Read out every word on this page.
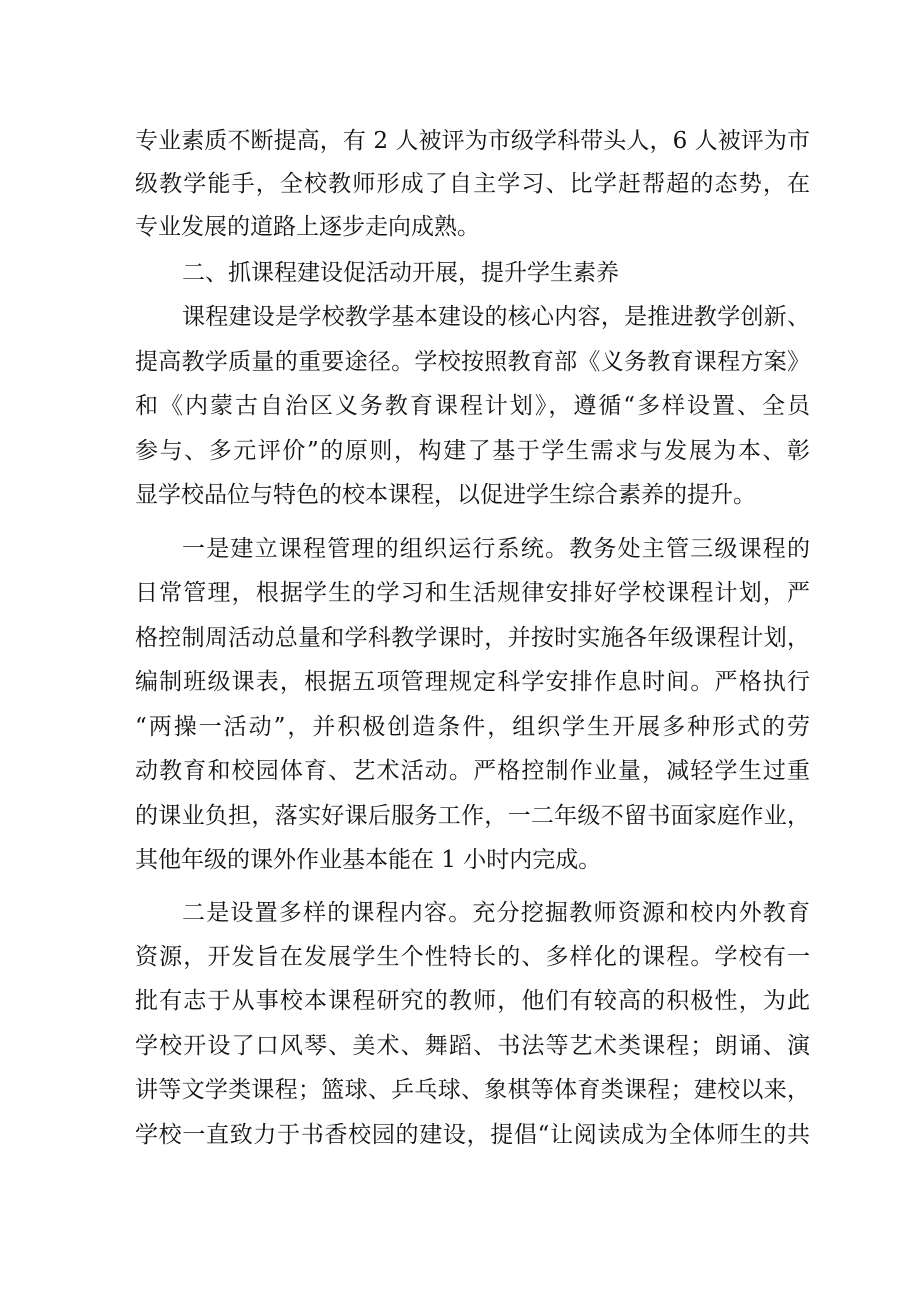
专业素质不断提高，有 2 人被评为市级学科带头人，6 人被评为市
级教学能手，全校教师形成了自主学习、比学赶帮超的态势，在
专业发展的道路上逐步走向成熟。
二、抓课程建设促活动开展，提升学生素养
课程建设是学校教学基本建设的核心内容，是推进教学创新、
提高教学质量的重要途径。学校按照教育部《义务教育课程方案》
和《内蒙古自治区义务教育课程计划》，遵循“多样设置、全员
参与、多元评价”的原则，构建了基于学生需求与发展为本、彰
显学校品位与特色的校本课程，以促进学生综合素养的提升。
一是建立课程管理的组织运行系统。教务处主管三级课程的
日常管理，根据学生的学习和生活规律安排好学校课程计划，严
格控制周活动总量和学科教学课时，并按时实施各年级课程计划，
编制班级课表，根据五项管理规定科学安排作息时间。严格执行
“两操一活动”，并积极创造条件，组织学生开展多种形式的劳
动教育和校园体育、艺术活动。严格控制作业量，减轻学生过重
的课业负担，落实好课后服务工作，一二年级不留书面家庭作业，
其他年级的课外作业基本能在 1 小时内完成。
二是设置多样的课程内容。充分挖掘教师资源和校内外教育
资源，开发旨在发展学生个性特长的、多样化的课程。学校有一
批有志于从事校本课程研究的教师，他们有较高的积极性，为此
学校开设了口风琴、美术、舞蹈、书法等艺术类课程；朗诵、演
讲等文学类课程；篮球、乒乓球、象棋等体育类课程；建校以来，
学校一直致力于书香校园的建设，提倡“让阅读成为全体师生的共
